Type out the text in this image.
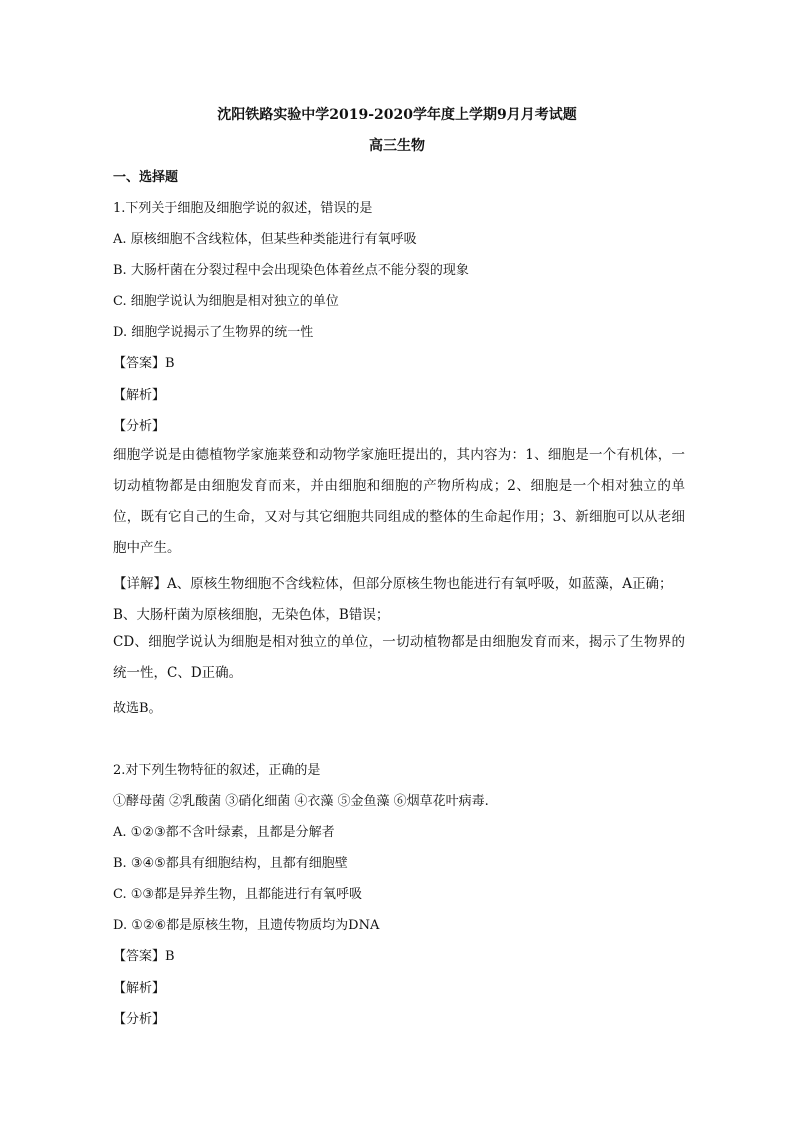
沈阳铁路实验中学2019-2020学年度上学期9月月考试题
高三生物
一、选择题
1.下列关于细胞及细胞学说的叙述，错误的是
A. 原核细胞不含线粒体，但某些种类能进行有氧呼吸
B. 大肠杆菌在分裂过程中会出现染色体着丝点不能分裂的现象
C. 细胞学说认为细胞是相对独立的单位
D. 细胞学说揭示了生物界的统一性
【答案】B
【解析】
【分析】
细胞学说是由德植物学家施莱登和动物学家施旺提出的，其内容为：1、细胞是一个有机体，一切动植物都是由细胞发育而来，并由细胞和细胞的产物所构成；2、细胞是一个相对独立的单位，既有它自己的生命，又对与其它细胞共同组成的整体的生命起作用；3、新细胞可以从老细胞中产生。
【详解】A、原核生物细胞不含线粒体，但部分原核生物也能进行有氧呼吸，如蓝藻，A正确；
B、大肠杆菌为原核细胞，无染色体，B错误；
CD、细胞学说认为细胞是相对独立的单位，一切动植物都是由细胞发育而来，揭示了生物界的统一性，C、D正确。
故选B。
2.对下列生物特征的叙述，正确的是
①酵母菌 ②乳酸菌 ③硝化细菌 ④衣藻 ⑤金鱼藻 ⑥烟草花叶病毒.
A. ①②③都不含叶绿素，且都是分解者
B. ③④⑤都具有细胞结构，且都有细胞壁
C. ①③都是异养生物，且都能进行有氧呼吸
D. ①②⑥都是原核生物，且遗传物质均为DNA
【答案】B
【解析】
【分析】
